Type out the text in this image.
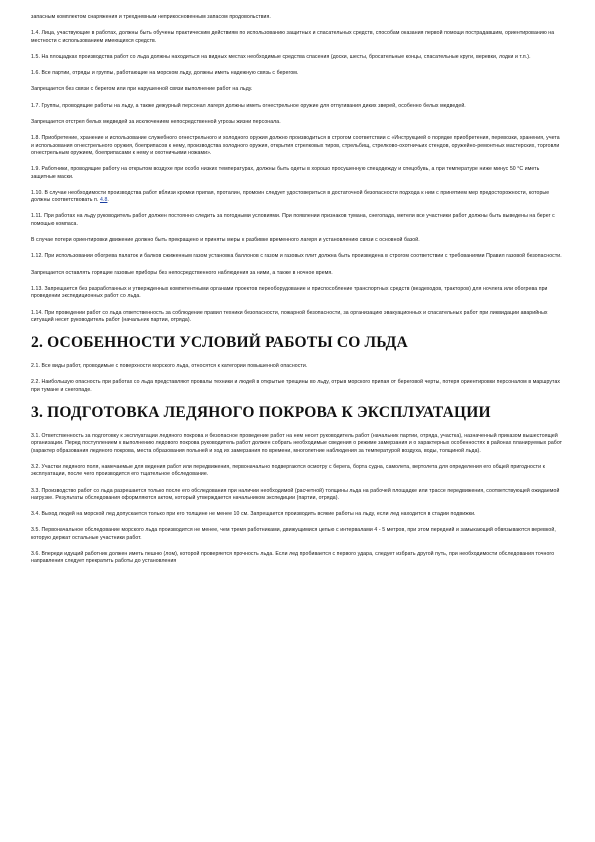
запасным комплектом снаряжения и трехдневным неприкосновенным запасом продовольствия.

1.4. Лица, участвующие в работах, должны быть обучены практическим действиям по использованию защитных и спасательных средств, способам оказания первой помощи пострадавшим, ориентированию на местности с использованием имеющихся средств.

1.5. На площадках производства работ со льда должны находиться на видных местах необходимые средства спасения (доски, шесты, бросательные концы, спасательные круги, веревки, лодки и т.п.).

1.6. Все партии, отряды и группы, работающие на морском льду, должны иметь надежную связь с берегом.

Запрещается без связи с берегом или при нарушенной связи выполнение работ на льду.

1.7. Группы, проводящие работы на льду, а также дежурный персонал лагеря должны иметь огнестрельное оружие для отпугивания диких зверей, особенно белых медведей.

Запрещается отстрел белых медведей за исключением непосредственной угрозы жизни персонала.

1.8. Приобретение, хранение и использование служебного огнестрельного и холодного оружия должно производиться в строгом соответствии с «Инструкцией о порядке приобретения, перевозки, хранения, учета и использования огнестрельного оружия, боеприпасов к нему, производства холодного оружия, открытия стрелковых тиров, стрельбищ, стрелково-охотничьих стендов, оружейно-ремонтных мастерских, торговли огнестрельным оружием, боеприпасами к нему и охотничьими ножами».

1.9. Работники, проводящие работу на открытом воздухе при особо низких температурах, должны быть одеты в хорошо просушенную спецодежду и спецобувь, а при температуре ниже минус 50 °С иметь защитные маски.

1.10. В случае необходимости производства работ вблизи кромки припая, проталин, промоин следует удостовериться в достаточной безопасности подхода к ним с принятием мер предосторожности, которые должны соответствовать п. 4.8.

1.11. При работах на льду руководитель работ должен постоянно следить за погодными условиями. При появлении признаков тумана, снегопада, метели все участники работ должны быть выведены на берег с помощью компаса.

В случае потери ориентировки движение должно быть прекращено и приняты меры к разбивке временного лагеря и установлению связи с основной базой.

1.12. При использовании обогрева палаток и балков сжиженным газом установка баллонов с газом и газовых плит должна быть произведена в строгом соответствии с требованиями Правил газовой безопасности.

Запрещается оставлять горящие газовые приборы без непосредственного наблюдения за ними, а также в ночное время.

1.13. Запрещается без разработанных и утвержденных компетентными органами проектов переоборудование и приспособление транспортных средств (вездеходов, тракторов) для ночлега или обогрева при проведении экспедиционных работ со льда.

1.14. При проведении работ со льда ответственность за соблюдение правил техники безопасности, пожарной безопасности, за организацию эвакуационных и спасательных работ при ликвидации аварийных ситуаций несет руководитель работ (начальник партии, отряда).

2. ОСОБЕННОСТИ УСЛОВИЙ РАБОТЫ СО ЛЬДА

2.1. Все виды работ, проводимые с поверхности морского льда, относятся к категории повышенной опасности.

2.2. Наибольшую опасность при работах со льда представляют провалы техники и людей в открытые трещины во льду, отрыв морского припая от береговой черты, потеря ориентировки персоналом в маршрутах при тумане и снегопаде.

3. ПОДГОТОВКА ЛЕДЯНОГО ПОКРОВА К ЭКСПЛУАТАЦИИ

3.1. Ответственность за подготовку к эксплуатации ледяного покрова и безопасное проведение работ на нем несет руководитель работ (начальник партии, отряда, участка), назначенный приказом вышестоящей организации. Перед поступлением к выполнению ледового покрова руководитель работ должен собрать необходимые сведения о режиме замерзания и о характерных особенностях в районах планируемых работ (характер образования ледяного покрова, места образования полыней и ход их замерзания по времени, многолетние наблюдения за температурой воздуха, воды, толщиной льда).

3.2. Участки ледяного поля, намечаемые для ведения работ или передвижения, первоначально подвергаются осмотру с берега, борта судна, самолета, вертолета для определения его общей пригодности к эксплуатации, после чего производится его тщательное обследование.

3.3. Производство работ со льда разрешается только после его обследования при наличии необходимой (расчетной) толщины льда на рабочей площадке или трассе передвижения, соответствующей ожидаемой нагрузке. Результаты обследования оформляются актом, который утверждается начальником экспедиции (партии, отряда).

3.4. Выход людей на морской лед допускается только при его толщине не менее 10 см. Запрещается производить всякие работы на льду, если лед находится в стадии подвижки.

3.5. Первоначальное обследование морского льда производится не менее, чем тремя работниками, движущимися цепью с интервалами 4 - 5 метров, при этом передний и замыкающий обвязываются веревкой, которую держат остальные участники работ.

3.6. Впереди идущий работник должен иметь пешню (лом), которой проверяется прочность льда. Если лед пробивается с первого удара, следует избрать другой путь, при необходимости обследования точного направления следует прекратить работы до установления
